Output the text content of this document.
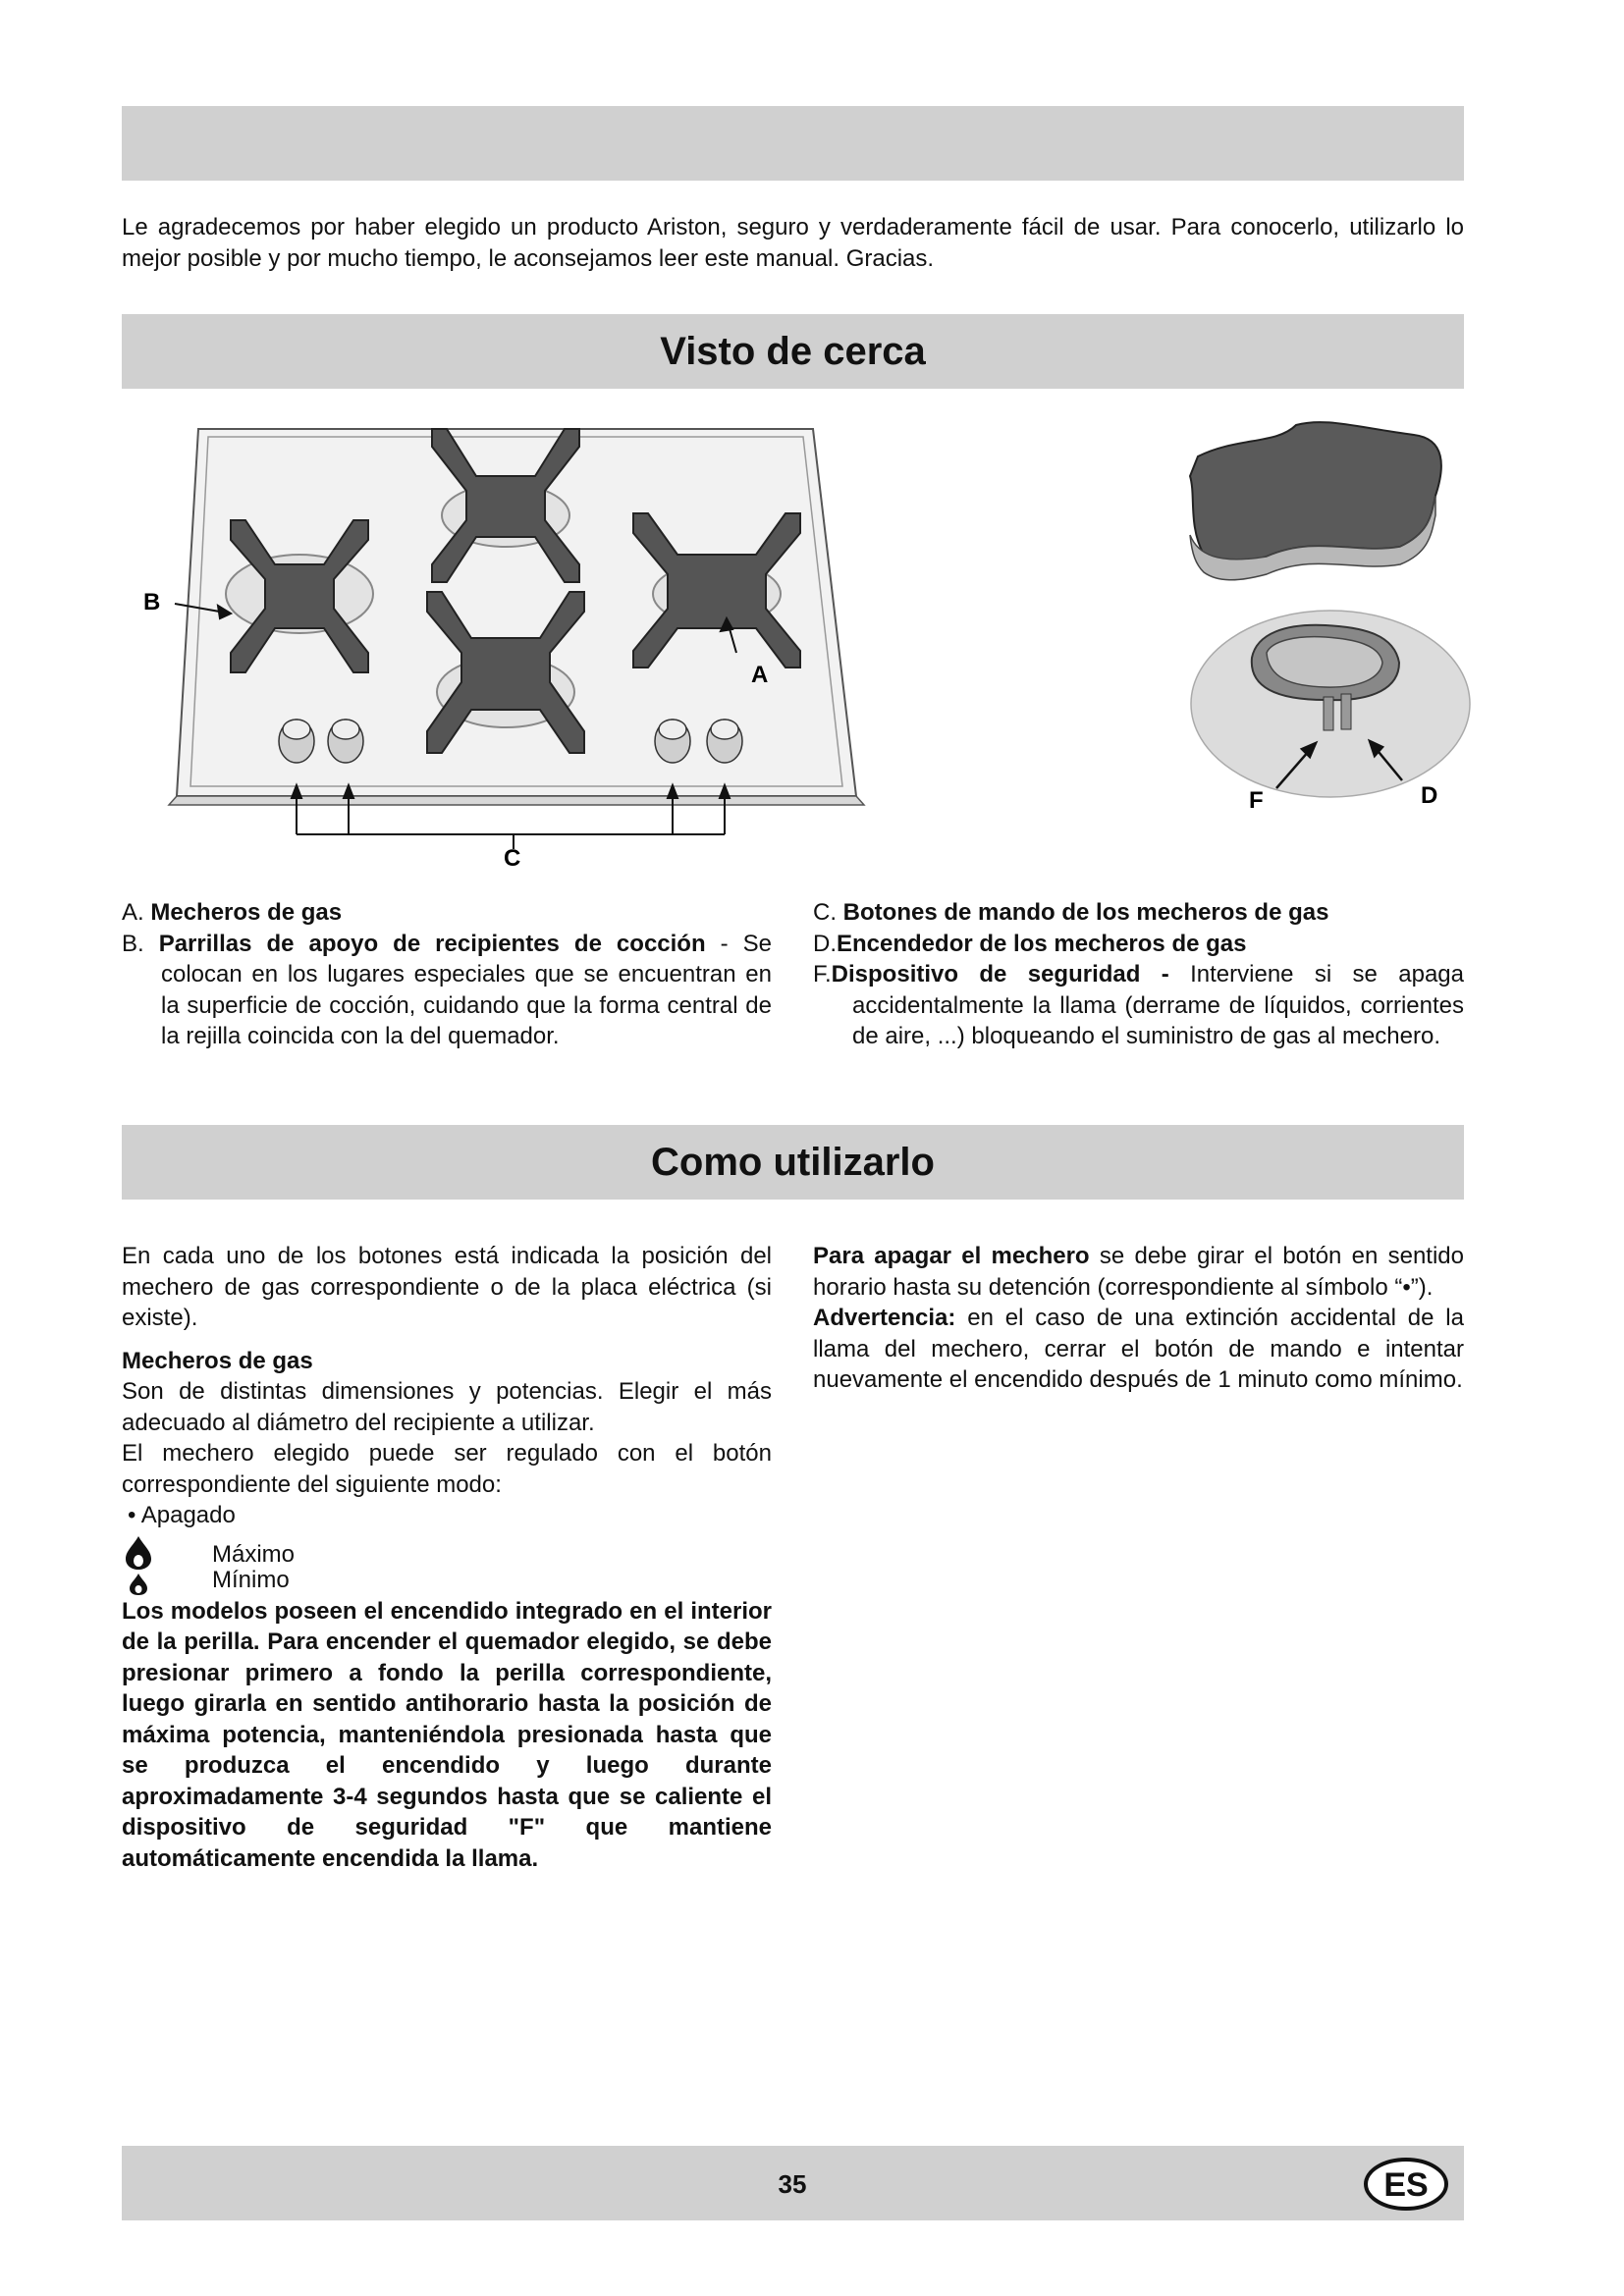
Le agradecemos por haber elegido un producto Ariston, seguro y verdaderamente fácil de usar. Para conocerlo, utilizarlo lo mejor posible y por mucho tiempo, le aconsejamos leer este manual. Gracias.
Visto de cerca
B
A
C
F	D

A. Mecheros de gas

B. Parrillas de apoyo de recipientes de cocción - Se colocan en los lugares especiales que se encuentran en la superficie de cocción, cuidando que la forma central de la rejilla coincida con la del quemador.

C. Botones de mando de los mecheros de gas

D.Encendedor de los mecheros de gas

F.Dispositivo de seguridad - Interviene si se apaga accidentalmente la llama (derrame de líquidos, corrientes de aire, ...) bloqueando el suministro de gas al mechero.

Como utilizarlo

En cada uno de los botones está indicada la posición del mechero de gas correspondiente o de la placa eléctrica (si existe).

Mecheros de gas

Son de distintas dimensiones y potencias. Elegir el más adecuado al diámetro del recipiente a utilizar.

El mechero elegido puede ser regulado con el botón correspondiente del siguiente modo:

• Apagado

Máximo
Mínimo

Los modelos poseen el encendido integrado en el interior de la perilla. Para encender el quemador elegido, se debe presionar primero a fondo la perilla correspondiente, luego girarla en sentido antihorario hasta la posición de máxima potencia, manteniéndola presionada hasta que se produzca el encendido y luego durante aproximadamente 3-4 segundos hasta que se caliente el dispositivo de seguridad "F" que mantiene automáticamente encendida la llama.

Para apagar el mechero se debe girar el botón en sentido horario hasta su detención (correspondiente al símbolo “•”).

Advertencia: en el caso de una extinción accidental de la llama del mechero, cerrar el botón de mando e intentar nuevamente el encendido después de 1 minuto como mínimo.

35	ES
